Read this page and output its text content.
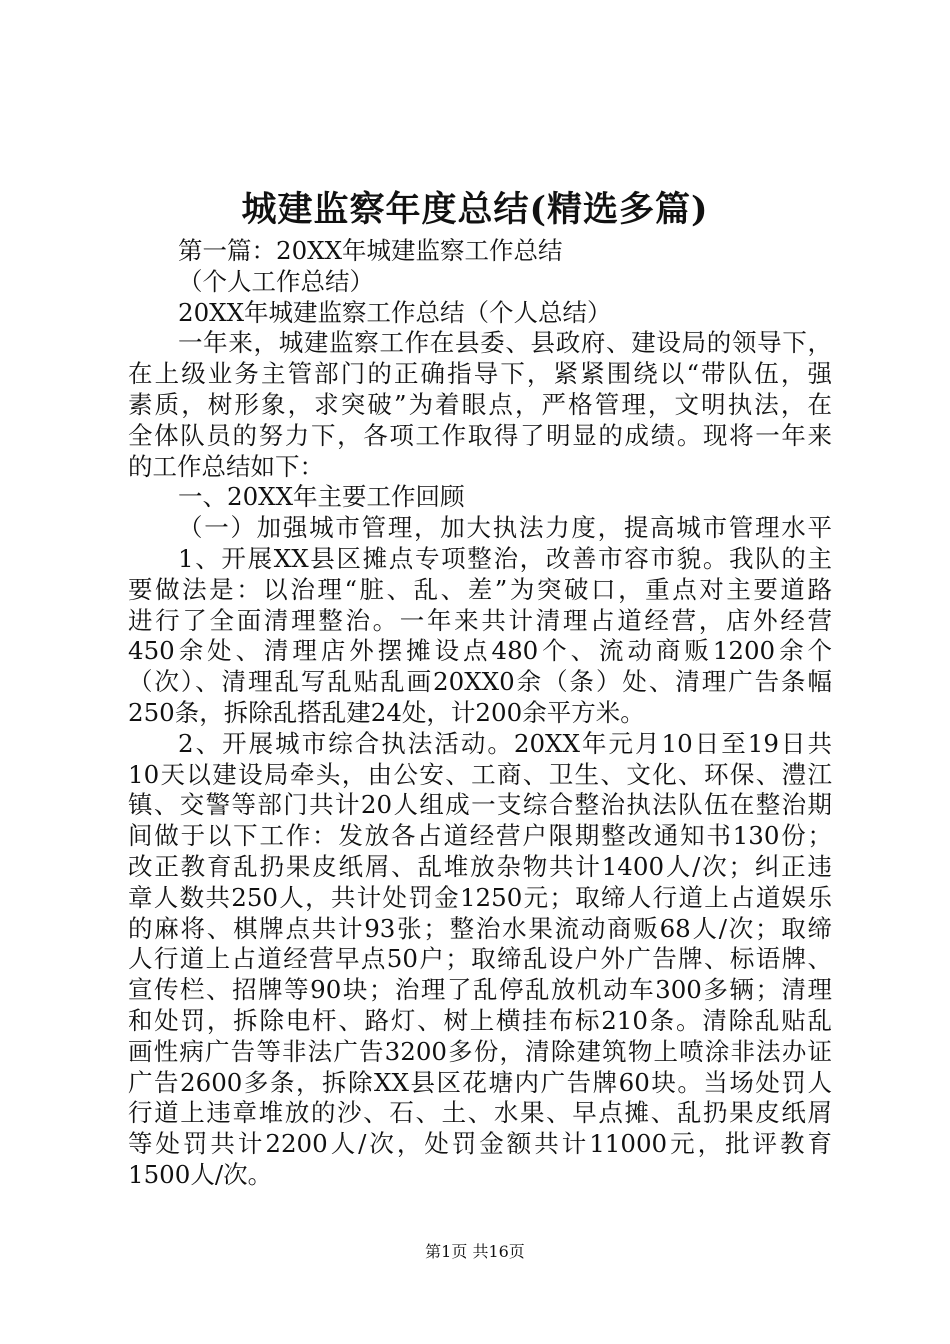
城建监察年度总结(精选多篇)
第一篇：20XX年城建监察工作总结
（个人工作总结）
20XX年城建监察工作总结（个人总结）
一年来，城建监察工作在县委、县政府、建设局的领导下，
在上级业务主管部门的正确指导下，紧紧围绕以“带队伍，强
素质，树形象，求突破”为着眼点，严格管理，文明执法，在
全体队员的努力下，各项工作取得了明显的成绩。现将一年来
的工作总结如下：
一、20XX年主要工作回顾
（一）加强城市管理，加大执法力度，提高城市管理水平
1、开展XX县区摊点专项整治，改善市容市貌。我队的主
要做法是：以治理“脏、乱、差”为突破口，重点对主要道路
进行了全面清理整治。一年来共计清理占道经营，店外经营
450余处、清理店外摆摊设点480个、流动商贩1200余个
（次）、清理乱写乱贴乱画20XX0余（条）处、清理广告条幅
250条，拆除乱搭乱建24处，计200余平方米。
2、开展城市综合执法活动。20XX年元月10日至19日共
10天以建设局牵头，由公安、工商、卫生、文化、环保、澧江
镇、交警等部门共计20人组成一支综合整治执法队伍在整治期
间做于以下工作：发放各占道经营户限期整改通知书130份；
改正教育乱扔果皮纸屑、乱堆放杂物共计1400人/次；纠正违
章人数共250人，共计处罚金1250元；取缔人行道上占道娱乐
的麻将、棋牌点共计93张；整治水果流动商贩68人/次；取缔
人行道上占道经营早点50户；取缔乱设户外广告牌、标语牌、
宣传栏、招牌等90块；治理了乱停乱放机动车300多辆；清理
和处罚，拆除电杆、路灯、树上横挂布标210条。清除乱贴乱
画性病广告等非法广告3200多份，清除建筑物上喷涂非法办证
广告2600多条，拆除XX县区花塘内广告牌60块。当场处罚人
行道上违章堆放的沙、石、土、水果、早点摊、乱扔果皮纸屑
等处罚共计2200人/次，处罚金额共计11000元，批评教育
1500人/次。
第1页 共16页
